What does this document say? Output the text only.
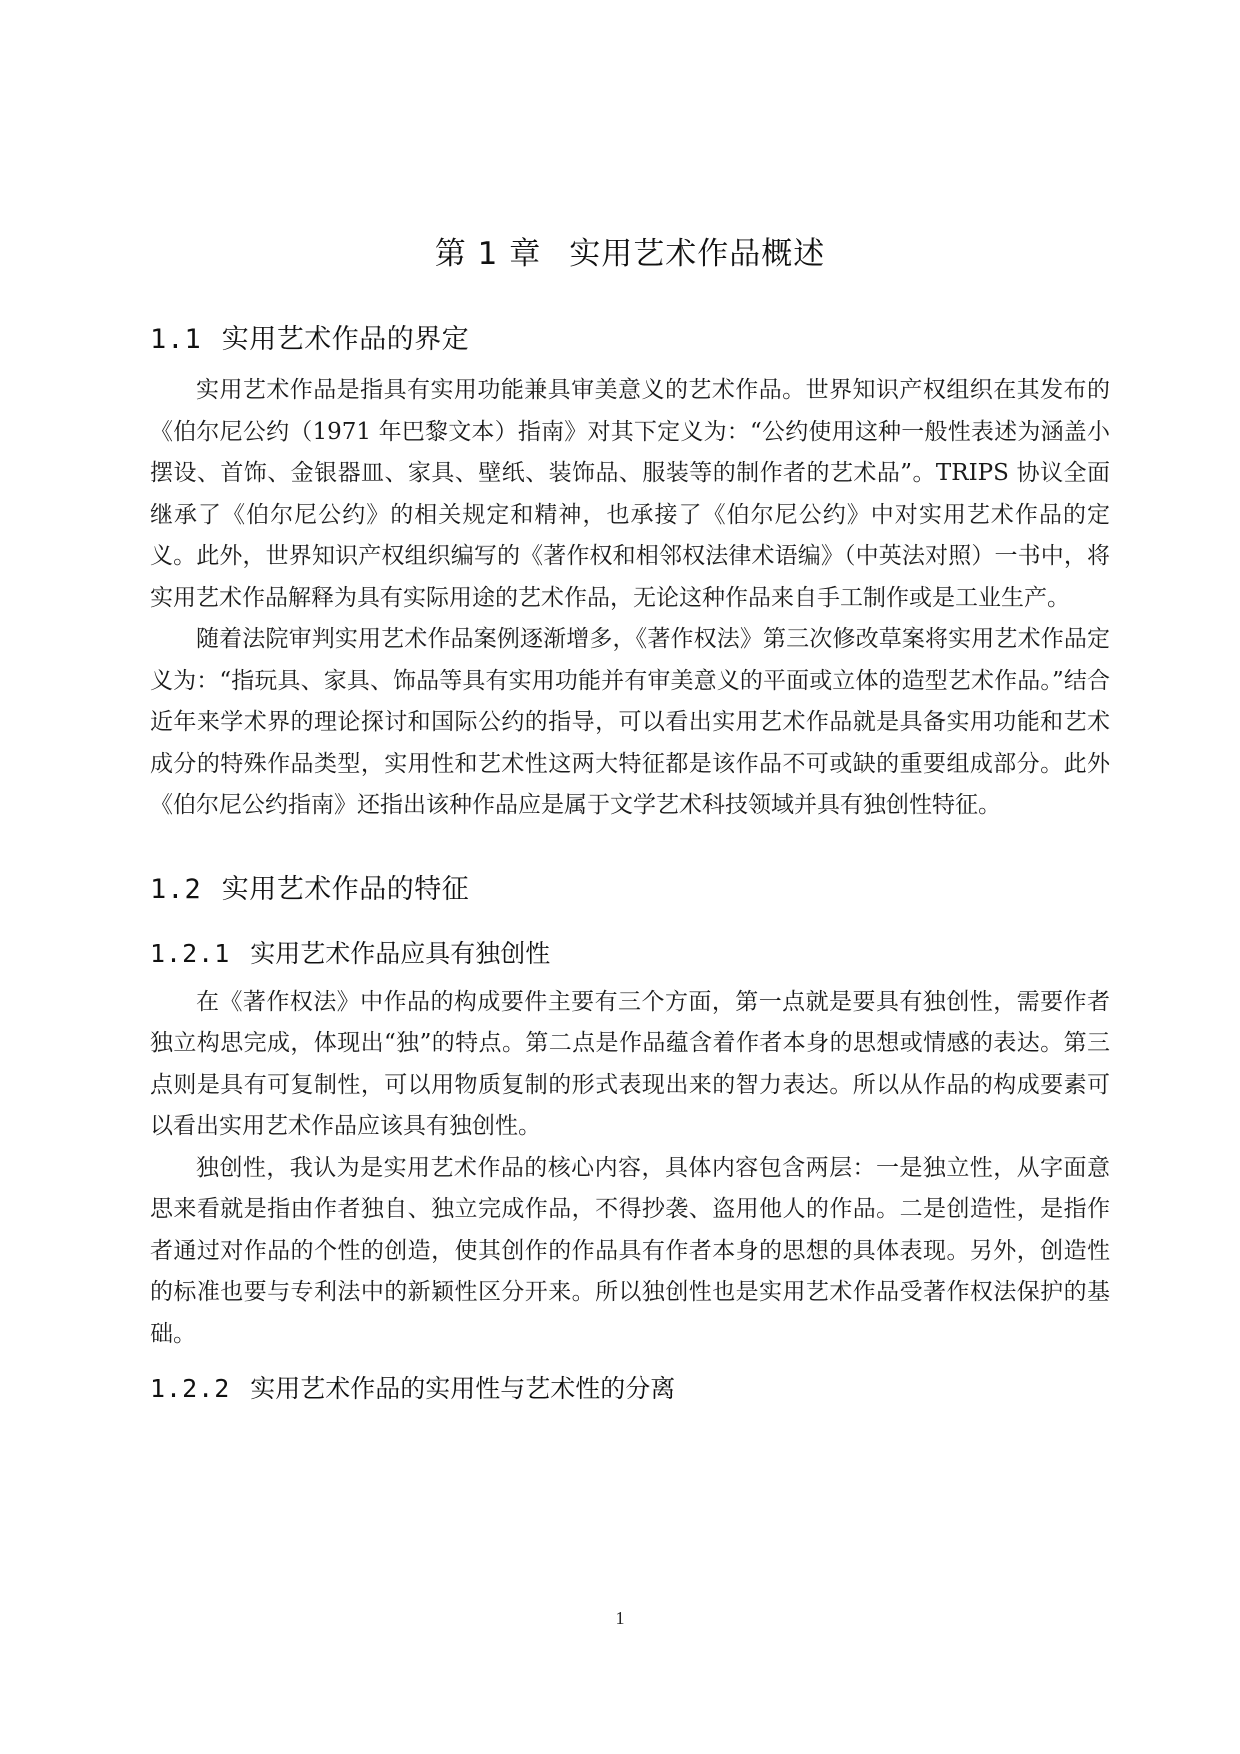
第 1 章 实用艺术作品概述
1.1 实用艺术作品的界定

实用艺术作品是指具有实用功能兼具审美意义的艺术作品。世界知识产权组织在其发布的《伯尔尼公约（1971 年巴黎文本）指南》对其下定义为：“公约使用这种一般性表述为涵盖小摆设、首饰、金银器皿、家具、壁纸、装饰品、服装等的制作者的艺术品”。TRIPS 协议全面继承了《伯尔尼公约》的相关规定和精神，也承接了《伯尔尼公约》中对实用艺术作品的定义。此外，世界知识产权组织编写的《著作权和相邻权法律术语编》（中英法对照）一书中，将实用艺术作品解释为具有实际用途的艺术作品，无论这种作品来自手工制作或是工业生产。

随着法院审判实用艺术作品案例逐渐增多，《著作权法》第三次修改草案将实用艺术作品定义为：“指玩具、家具、饰品等具有实用功能并有审美意义的平面或立体的造型艺术作品。”结合近年来学术界的理论探讨和国际公约的指导，可以看出实用艺术作品就是具备实用功能和艺术成分的特殊作品类型，实用性和艺术性这两大特征都是该作品不可或缺的重要组成部分。此外《伯尔尼公约指南》还指出该种作品应是属于文学艺术科技领域并具有独创性特征。

1.2 实用艺术作品的特征
1.2.1 实用艺术作品应具有独创性

在《著作权法》中作品的构成要件主要有三个方面，第一点就是要具有独创性，需要作者独立构思完成，体现出“独”的特点。第二点是作品蕴含着作者本身的思想或情感的表达。第三点则是具有可复制性，可以用物质复制的形式表现出来的智力表达。所以从作品的构成要素可以看出实用艺术作品应该具有独创性。

独创性，我认为是实用艺术作品的核心内容，具体内容包含两层：一是独立性，从字面意思来看就是指由作者独自、独立完成作品，不得抄袭、盗用他人的作品。二是创造性，是指作者通过对作品的个性的创造，使其创作的作品具有作者本身的思想的具体表现。另外，创造性的标准也要与专利法中的新颖性区分开来。所以独创性也是实用艺术作品受著作权法保护的基础。

1.2.2 实用艺术作品的实用性与艺术性的分离
1
